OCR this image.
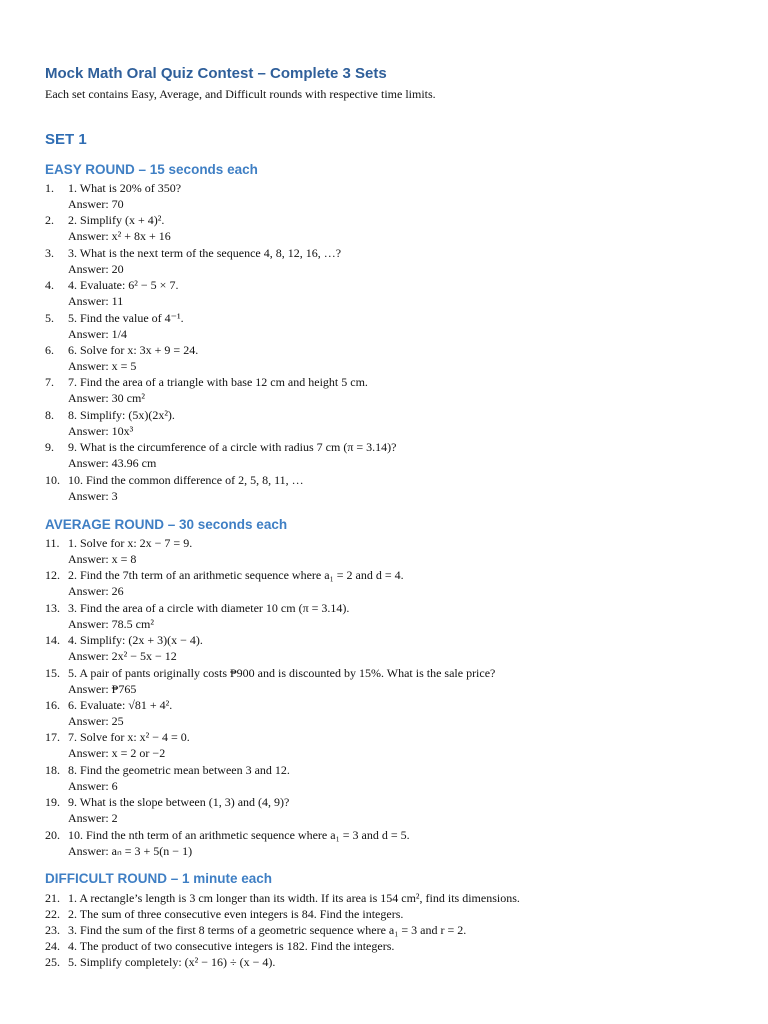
Mock Math Oral Quiz Contest – Complete 3 Sets
Each set contains Easy, Average, and Difficult rounds with respective time limits.
SET 1
EASY ROUND – 15 seconds each
1.	1. What is 20% of 350?
Answer: 70
2.	2. Simplify (x + 4)².
Answer: x² + 8x + 16
3.	3. What is the next term of the sequence 4, 8, 12, 16, …?
Answer: 20
4.	4. Evaluate: 6² − 5 × 7.
Answer: 11
5.	5. Find the value of 4⁻¹.
Answer: 1/4
6.	6. Solve for x: 3x + 9 = 24.
Answer: x = 5
7.	7. Find the area of a triangle with base 12 cm and height 5 cm.
Answer: 30 cm²
8.	8. Simplify: (5x)(2x²).
Answer: 10x³
9.	9. What is the circumference of a circle with radius 7 cm (π = 3.14)?
Answer: 43.96 cm
10. 10. Find the common difference of 2, 5, 8, 11, …
Answer: 3
AVERAGE ROUND – 30 seconds each
11. 1. Solve for x: 2x − 7 = 9.
Answer: x = 8
12. 2. Find the 7th term of an arithmetic sequence where a₁ = 2 and d = 4.
Answer: 26
13. 3. Find the area of a circle with diameter 10 cm (π = 3.14).
Answer: 78.5 cm²
14. 4. Simplify: (2x + 3)(x − 4).
Answer: 2x² − 5x − 12
15. 5. A pair of pants originally costs ₱900 and is discounted by 15%. What is the sale price?
Answer: ₱765
16. 6. Evaluate: √81 + 4².
Answer: 25
17. 7. Solve for x: x² − 4 = 0.
Answer: x = 2 or −2
18. 8. Find the geometric mean between 3 and 12.
Answer: 6
19. 9. What is the slope between (1, 3) and (4, 9)?
Answer: 2
20. 10. Find the nth term of an arithmetic sequence where a₁ = 3 and d = 5.
Answer: aₙ = 3 + 5(n − 1)
DIFFICULT ROUND – 1 minute each
21. 1. A rectangle’s length is 3 cm longer than its width. If its area is 154 cm², find its dimensions.
22. 2. The sum of three consecutive even integers is 84. Find the integers.
23. 3. Find the sum of the first 8 terms of a geometric sequence where a₁ = 3 and r = 2.
24. 4. The product of two consecutive integers is 182. Find the integers.
25. 5. Simplify completely: (x² − 16) ÷ (x − 4).
